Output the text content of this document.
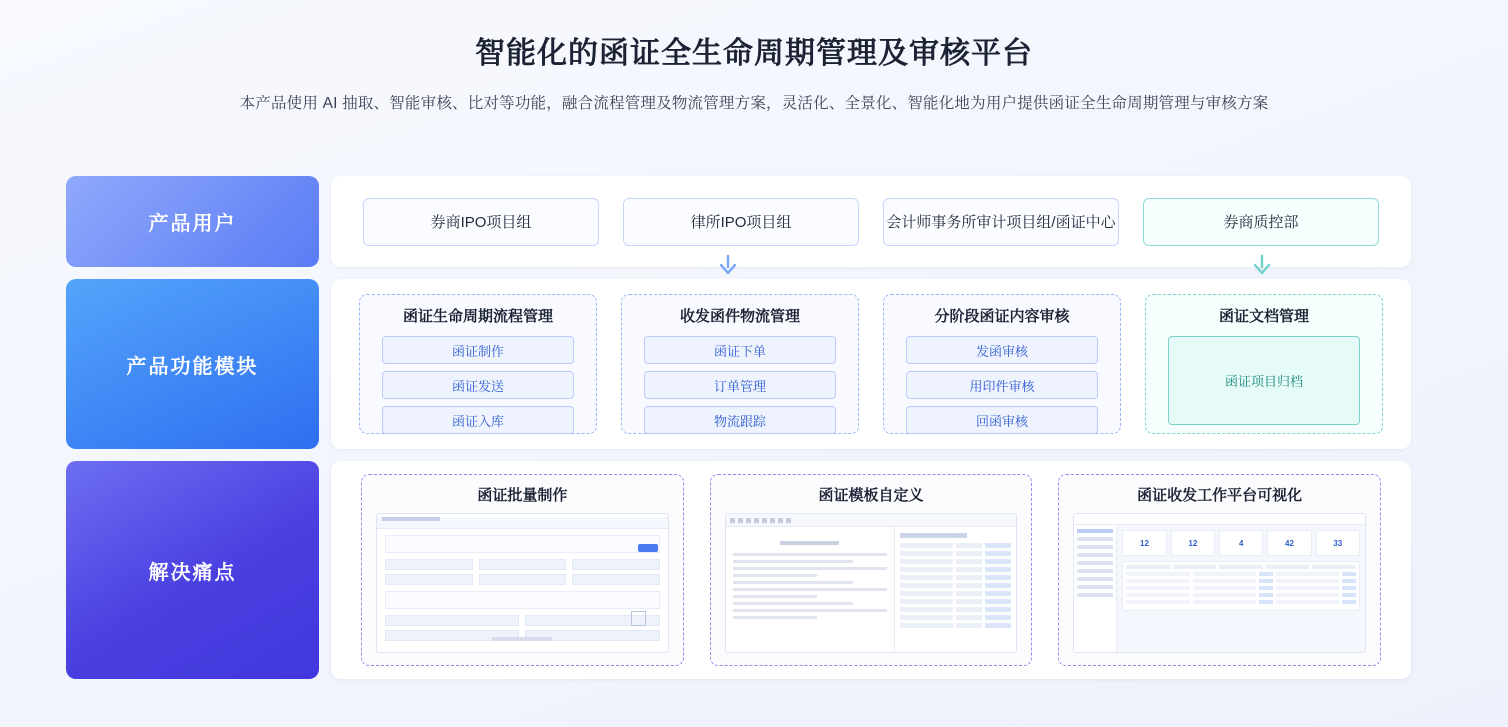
智能化的函证全生命周期管理及审核平台
本产品使用 AI 抽取、智能审核、比对等功能，融合流程管理及物流管理方案，灵活化、全景化、智能化地为用户提供函证全生命周期管理与审核方案
产品用户	券商IPO项目组	律所IPO项目组	会计师事务所审计项目组/函证中心	券商质控部
产品功能模块
函证生命周期流程管理
函证制作
函证发送
函证入库
收发函件物流管理
函证下单
订单管理
物流跟踪
分阶段函证内容审核
发函审核
用印件审核
回函审核
函证文档管理
函证项目归档
解决痛点
函证批量制作	函证模板自定义	函证收发工作平台可视化
12	12	4	42	33
